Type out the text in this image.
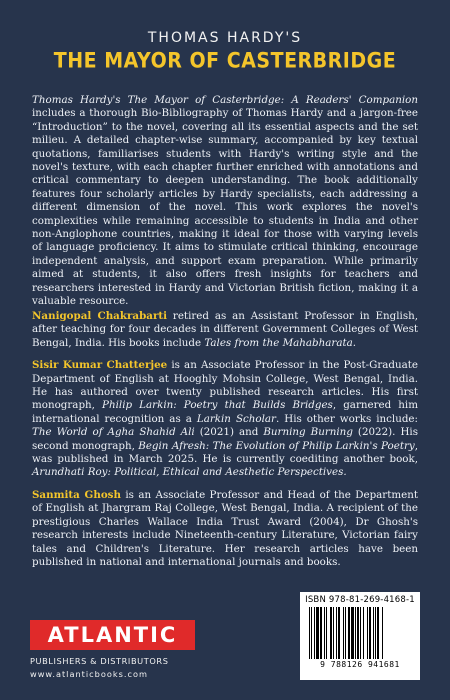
THOMAS HARDY'S

THE MAYOR OF CASTERBRIDGE

Thomas Hardy's The Mayor of Casterbridge: A Readers' Companion includes a thorough Bio-Bibliography of Thomas Hardy and a jargon-free “Introduction” to the novel, covering all its essential aspects and the set milieu. A detailed chapter-wise summary, accompanied by key textual quotations, familiarises students with Hardy's writing style and the novel's texture, with each chapter further enriched with annotations and critical commentary to deepen understanding. The book additionally features four scholarly articles by Hardy specialists, each addressing a different dimension of the novel. This work explores the novel's complexities while remaining accessible to students in India and other non-Anglophone countries, making it ideal for those with varying levels of language proficiency. It aims to stimulate critical thinking, encourage independent analysis, and support exam preparation. While primarily aimed at students, it also offers fresh insights for teachers and researchers interested in Hardy and Victorian British fiction, making it a valuable resource.

Nanigopal Chakrabarti retired as an Assistant Professor in English, after teaching for four decades in different Government Colleges of West Bengal, India. His books include Tales from the Mahabharata.

Sisir Kumar Chatterjee is an Associate Professor in the Post-Graduate Department of English at Hooghly Mohsin College, West Bengal, India. He has authored over twenty published research articles. His first monograph, Philip Larkin: Poetry that Builds Bridges, garnered him international recognition as a Larkin Scholar. His other works include: The World of Agha Shahid Ali (2021) and Burning Burning (2022). His second monograph, Begin Afresh: The Evolution of Philip Larkin's Poetry, was published in March 2025. He is currently coediting another book, Arundhati Roy: Political, Ethical and Aesthetic Perspectives.

Sanmita Ghosh is an Associate Professor and Head of the Department of English at Jhargram Raj College, West Bengal, India. A recipient of the prestigious Charles Wallace India Trust Award (2004), Dr Ghosh's research interests include Nineteenth-century Literature, Victorian fairy tales and Children's Literature. Her research articles have been published in national and international journals and books.

ATLANTIC

PUBLISHERS & DISTRIBUTORS

www.atlanticbooks.com

ISBN 978-81-269-4168-1

9 788126 941681
